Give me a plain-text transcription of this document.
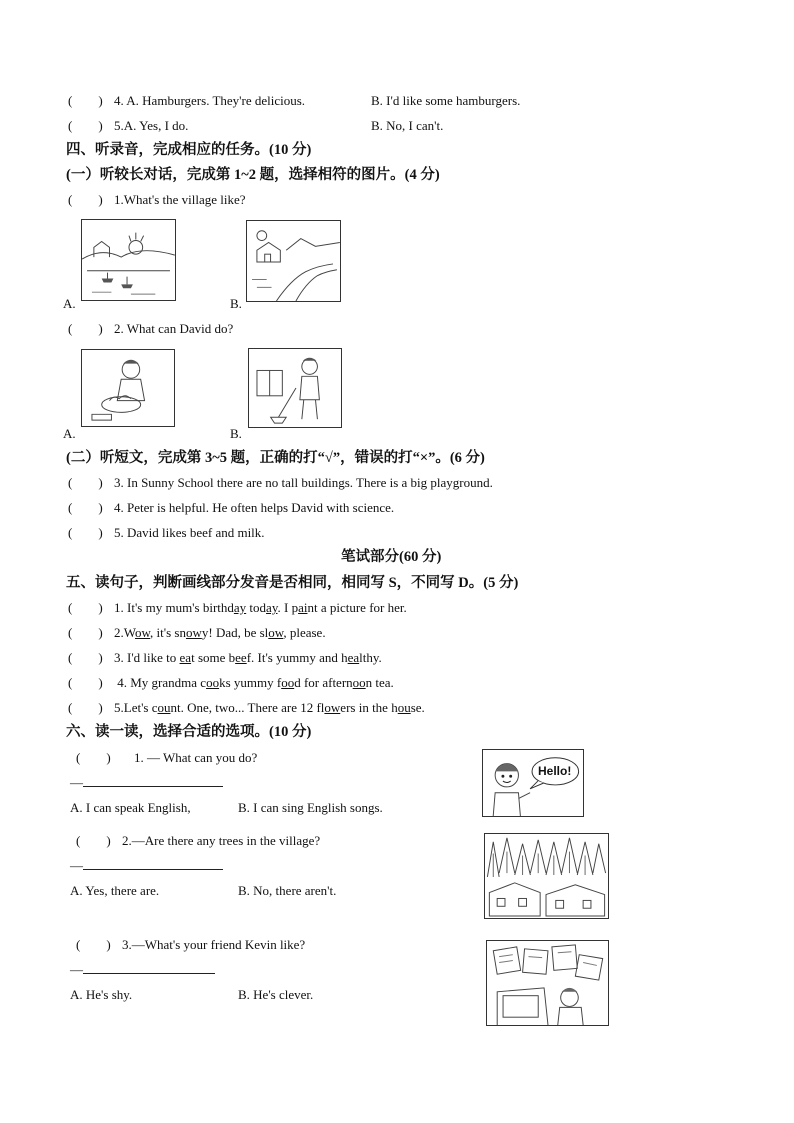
(　　) 4. A. Hamburgers. They're delicious.	B. I'd like some hamburgers.
(　　) 5.A. Yes, I do.	B. No, I can't.
四、听录音，完成相应的任务。(10 分)
(一）听较长对话，完成第 1~2 题，选择相符的图片。(4 分)
(　　) 1.What's the village like?
A.	B.
(　　) 2. What can David do?
A.	B.
(二）听短文，完成第 3~5 题，正确的打“√”，错误的打“×”。(6 分)
(　　) 3. In Sunny School there are no tall buildings. There is a big playground.
(　　) 4. Peter is helpful. He often helps David with science.
(　　) 5. David likes beef and milk.
笔试部分(60 分)
五、读句子，判断画线部分发音是否相同，相同写 S，不同写 D。(5 分)
(　　) 1. It's my mum's birthday today. I paint a picture for her.
(　　) 2.Wow, it's snowy! Dad, be slow, please.
(　　) 3. I'd like to eat some beef. It's yummy and healthy.
(　　) 4. My grandma cooks yummy food for afternoon tea.
(　　) 5.Let's count. One, two... There are 12 flowers in the house.
六、读一读，选择合适的选项。(10 分)
(　　) 1. — What can you do?
—
A. I can speak English,	B. I can sing English songs.
Hello!
(　　) 2.—Are there any trees in the village?
—
A. Yes, there are.	B. No, there aren't.
(　　) 3.—What's your friend Kevin like?
—
A. He's shy.	B. He's clever.
